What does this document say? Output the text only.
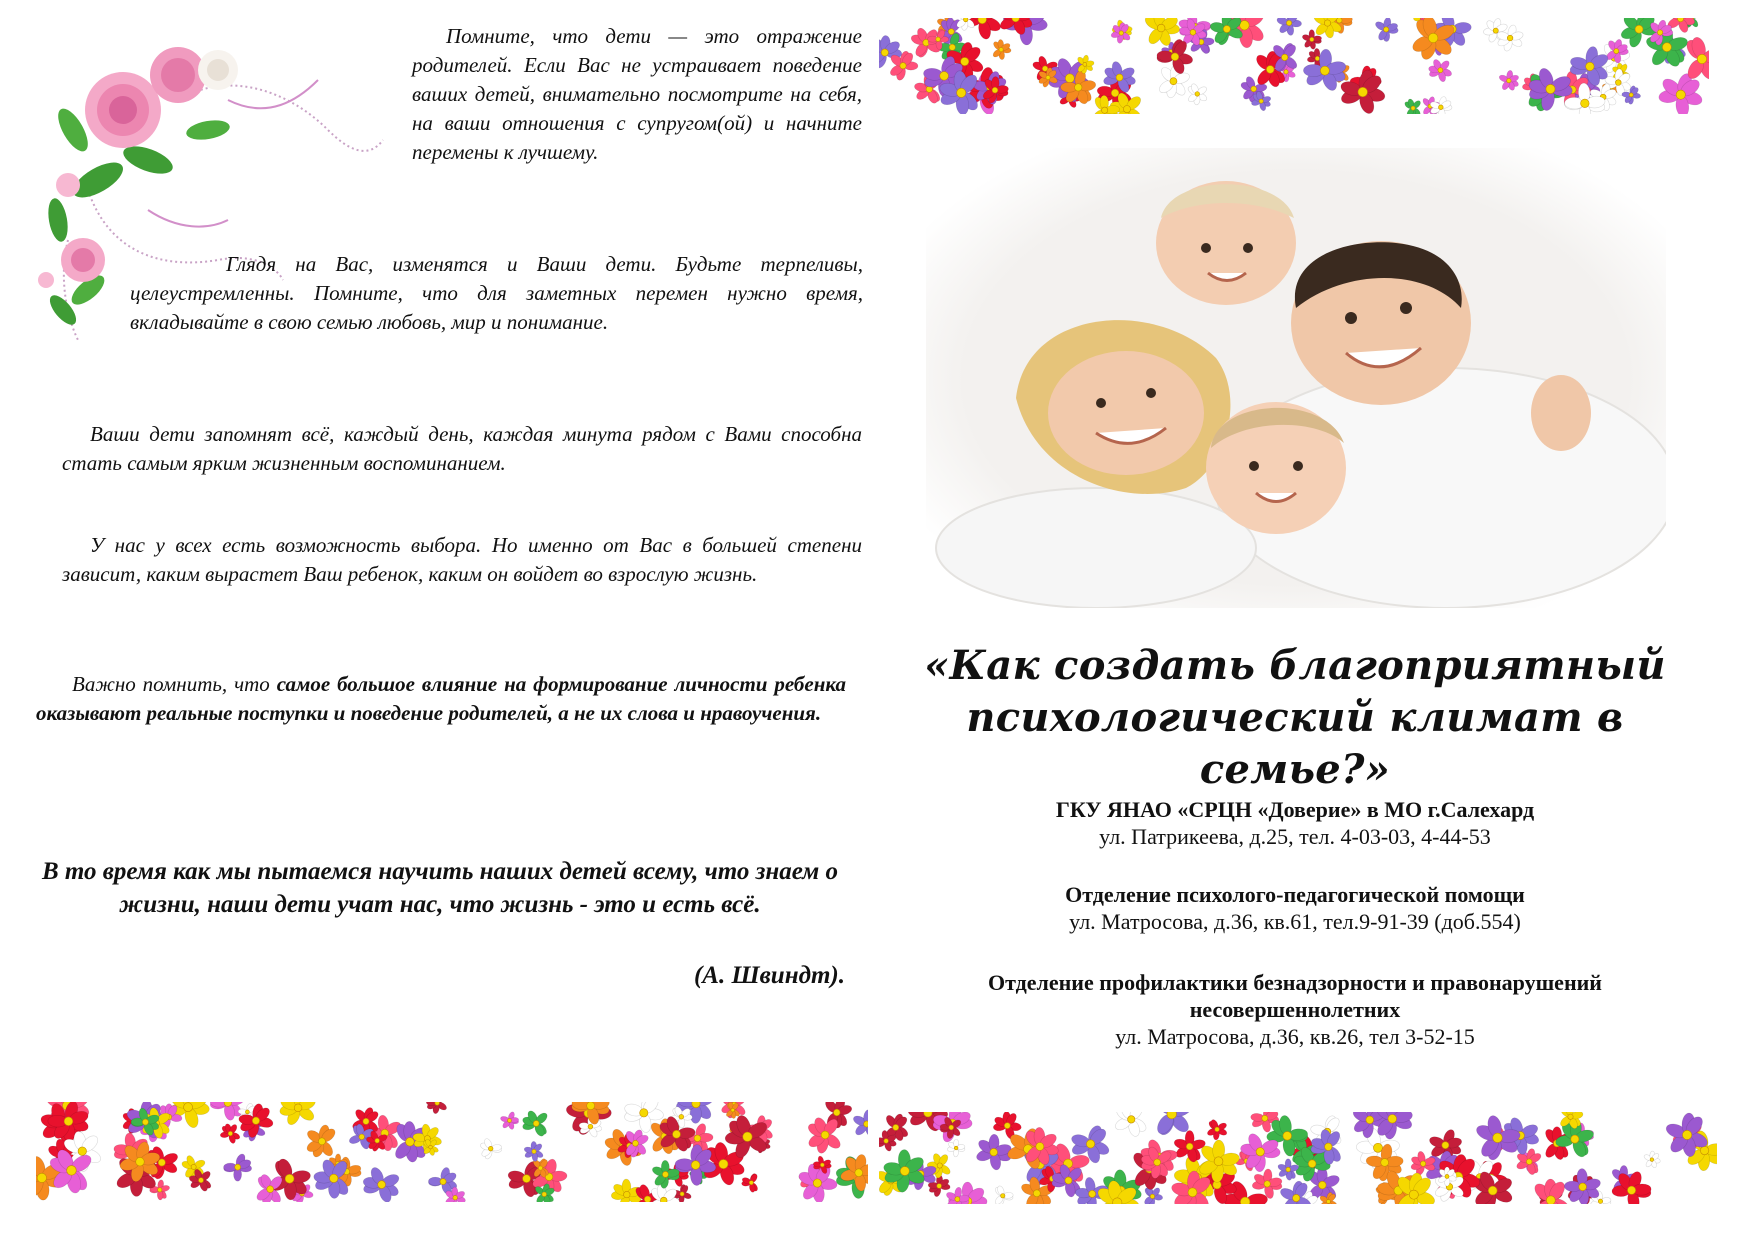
Помните, что дети — это отражение родителей. Если Вас не устраивает поведение ваших детей, внимательно посмотрите на себя, на ваши отношения с супругом(ой) и начните перемены к лучшему.
Глядя на Вас, изменятся и Ваши дети. Будьте терпеливы, целеустремленны. Помните, что для заметных перемен нужно время, вкладывайте в свою семью любовь, мир и понимание.
Ваши дети запомнят всё, каждый день, каждая минута рядом с Вами способна стать самым ярким жизненным воспоминанием.
У нас у всех есть возможность выбора. Но именно от Вас в большей степени зависит, каким вырастет Ваш ребенок, каким он войдет во взрослую жизнь.
Важно помнить, что самое большое влияние на формирование личности ребенка оказывают реальные поступки и поведение родителей, а не их слова и нравоучения.
В то время как мы пытаемся научить наших детей всему, что знаем о жизни, наши дети учат нас, что жизнь - это и есть всё.
(А. Швиндт).
«Как создать благоприятный психологический климат в семье?»
ГКУ ЯНАО «СРЦН «Доверие» в МО г.Салехард
ул. Патрикеева, д.25, тел. 4-03-03, 4-44-53
Отделение психолого-педагогической помощи
ул. Матросова, д.36, кв.61, тел.9-91-39 (доб.554)
Отделение профилактики безнадзорности и правонарушений несовершеннолетних
ул. Матросова, д.36, кв.26, тел 3-52-15
